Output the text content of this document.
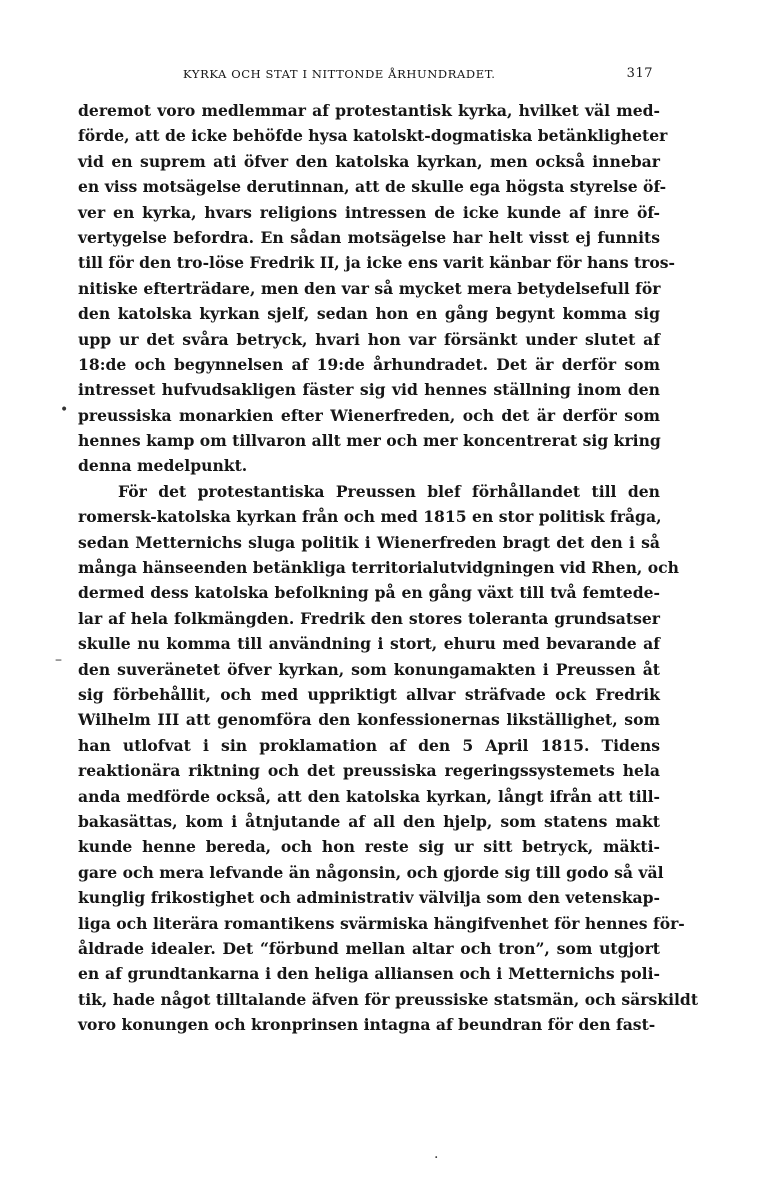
KYRKA OCH STAT I NITTONDE ÅRHUNDRADET.	317
•
–
·
deremot voro medlemmar af protestantisk kyrka, hvilket väl med-
förde, att de icke behöfde hysa katolskt-dogmatiska betänkligheter
vid en suprem ati öfver den katolska kyrkan, men också innebar
en viss motsägelse derutinnan, att de skulle ega högsta styrelse öf-
ver en kyrka, hvars religions intressen de icke kunde af inre öf-
vertygelse befordra. En sådan motsägelse har helt visst ej funnits
till för den tro-löse Fredrik II, ja icke ens varit känbar för hans tros-
nitiske efterträdare, men den var så mycket mera betydelsefull för
den katolska kyrkan sjelf, sedan hon en gång begynt komma sig
upp ur det svåra betryck, hvari hon var försänkt under slutet af
18:de och begynnelsen af 19:de århundradet. Det är derför som
intresset hufvudsakligen fäster sig vid hennes ställning inom den
preussiska monarkien efter Wienerfreden, och det är derför som
hennes kamp om tillvaron allt mer och mer koncentrerat sig kring
denna medelpunkt.
För det protestantiska Preussen blef förhållandet till den
romersk-katolska kyrkan från och med 1815 en stor politisk fråga,
sedan Metternichs sluga politik i Wienerfreden bragt det den i så
många hänseenden betänkliga territorialutvidgningen vid Rhen, och
dermed dess katolska befolkning på en gång växt till två femtede-
lar af hela folkmängden. Fredrik den stores toleranta grundsatser
skulle nu komma till användning i stort, ehuru med bevarande af
den suveränetet öfver kyrkan, som konungamakten i Preussen åt
sig förbehållit, och med uppriktigt allvar sträfvade ock Fredrik
Wilhelm III att genomföra den konfessionernas likställighet, som
han utlofvat i sin proklamation af den 5 April 1815. Tidens
reaktionära riktning och det preussiska regeringssystemets hela
anda medförde också, att den katolska kyrkan, långt ifrån att till-
bakasättas, kom i åtnjutande af all den hjelp, som statens makt
kunde henne bereda, och hon reste sig ur sitt betryck, mäkti-
gare och mera lefvande än någonsin, och gjorde sig till godo så väl
kunglig frikostighet och administrativ välvilja som den vetenskap-
liga och literära romantikens svärmiska hängifvenhet för hennes för-
åldrade idealer. Det “förbund mellan altar och tron”, som utgjort
en af grundtankarna i den heliga alliansen och i Metternichs poli-
tik, hade något tilltalande äfven för preussiske statsmän, och särskildt
voro konungen och kronprinsen intagna af beundran för den fast-
